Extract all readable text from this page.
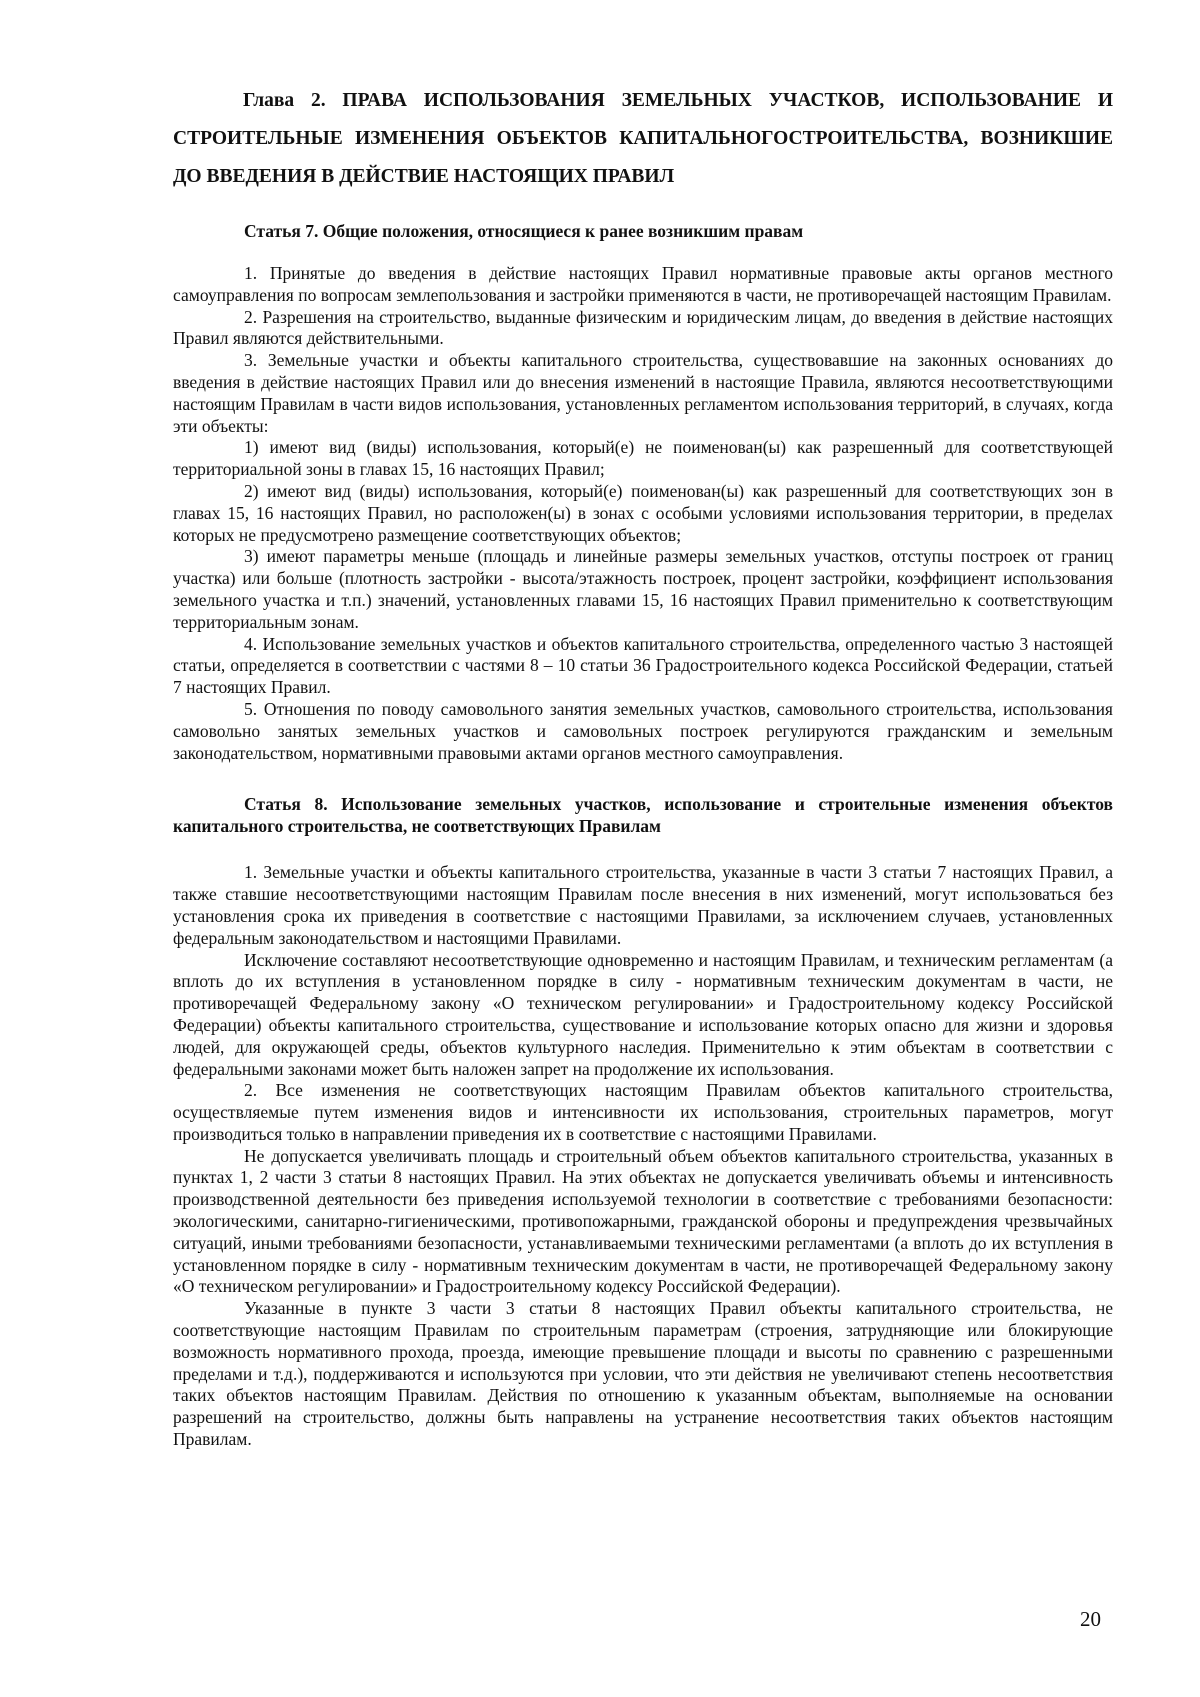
Глава 2. ПРАВА ИСПОЛЬЗОВАНИЯ ЗЕМЕЛЬНЫХ УЧАСТКОВ, ИСПОЛЬЗОВАНИЕ И СТРОИТЕЛЬНЫЕ ИЗМЕНЕНИЯ ОБЪЕКТОВ КАПИТАЛЬНОГОСТРОИТЕЛЬСТВА, ВОЗНИКШИЕ ДО ВВЕДЕНИЯ В ДЕЙСТВИЕ НАСТОЯЩИХ ПРАВИЛ
Статья 7. Общие положения, относящиеся к ранее возникшим правам

1. Принятые до введения в действие настоящих Правил нормативные правовые акты органов местного самоуправления по вопросам землепользования и застройки применяются в части, не противоречащей настоящим Правилам.

2. Разрешения на строительство, выданные физическим и юридическим лицам, до введения в действие настоящих Правил являются действительными.

3. Земельные участки и объекты капитального строительства, существовавшие на законных основаниях до введения в действие настоящих Правил или до внесения изменений в настоящие Правила, являются несоответствующими настоящим Правилам в части видов использования, установленных регламентом использования территорий, в случаях, когда эти объекты:

1) имеют вид (виды) использования, который(е) не поименован(ы) как разрешенный для соответствующей территориальной зоны в главах 15, 16 настоящих Правил;

2) имеют вид (виды) использования, который(е) поименован(ы) как разрешенный для соответствующих зон в главах 15, 16 настоящих Правил, но расположен(ы) в зонах с особыми условиями использования территории, в пределах которых не предусмотрено размещение соответствующих объектов;

3) имеют параметры меньше (площадь и линейные размеры земельных участков, отступы построек от границ участка) или больше (плотность застройки - высота/этажность построек, процент застройки, коэффициент использования земельного участка и т.п.) значений, установленных главами 15, 16 настоящих Правил применительно к соответствующим территориальным зонам.

4. Использование земельных участков и объектов капитального строительства, определенного частью 3 настоящей статьи, определяется в соответствии с частями 8 – 10 статьи 36 Градостроительного кодекса Российской Федерации, статьей 7 настоящих Правил.

5. Отношения по поводу самовольного занятия земельных участков, самовольного строительства, использования самовольно занятых земельных участков и самовольных построек регулируются гражданским и земельным законодательством, нормативными правовыми актами органов местного самоуправления.

Статья 8. Использование земельных участков, использование и строительные изменения объектов капитального строительства, не соответствующих Правилам

1. Земельные участки и объекты капитального строительства, указанные в части 3 статьи 7 настоящих Правил, а также ставшие несоответствующими настоящим Правилам после внесения в них изменений, могут использоваться без установления срока их приведения в соответствие с настоящими Правилами, за исключением случаев, установленных федеральным законодательством и настоящими Правилами.

Исключение составляют несоответствующие одновременно и настоящим Правилам, и техническим регламентам (а вплоть до их вступления в установленном порядке в силу - нормативным техническим документам в части, не противоречащей Федеральному закону «О техническом регулировании» и Градостроительному кодексу Российской Федерации) объекты капитального строительства, существование и использование которых опасно для жизни и здоровья людей, для окружающей среды, объектов культурного наследия. Применительно к этим объектам в соответствии с федеральными законами может быть наложен запрет на продолжение их использования.

2. Все изменения не соответствующих настоящим Правилам объектов капитального строительства, осуществляемые путем изменения видов и интенсивности их использования, строительных параметров, могут производиться только в направлении приведения их в соответствие с настоящими Правилами.

Не допускается увеличивать площадь и строительный объем объектов капитального строительства, указанных в пунктах 1, 2 части 3 статьи 8 настоящих Правил. На этих объектах не допускается увеличивать объемы и интенсивность производственной деятельности без приведения используемой технологии в соответствие с требованиями безопасности: экологическими, санитарно-гигиеническими, противопожарными, гражданской обороны и предупреждения чрезвычайных ситуаций, иными требованиями безопасности, устанавливаемыми техническими регламентами (а вплоть до их вступления в установленном порядке в силу - нормативным техническим документам в части, не противоречащей Федеральному закону «О техническом регулировании» и Градостроительному кодексу Российской Федерации).

Указанные в пункте 3 части 3 статьи 8 настоящих Правил объекты капитального строительства, не соответствующие настоящим Правилам по строительным параметрам (строения, затрудняющие или блокирующие возможность нормативного прохода, проезда, имеющие превышение площади и высоты по сравнению с разрешенными пределами и т.д.), поддерживаются и используются при условии, что эти действия не увеличивают степень несоответствия таких объектов настоящим Правилам. Действия по отношению к указанным объектам, выполняемые на основании разрешений на строительство, должны быть направлены на устранение несоответствия таких объектов настоящим Правилам.

20
